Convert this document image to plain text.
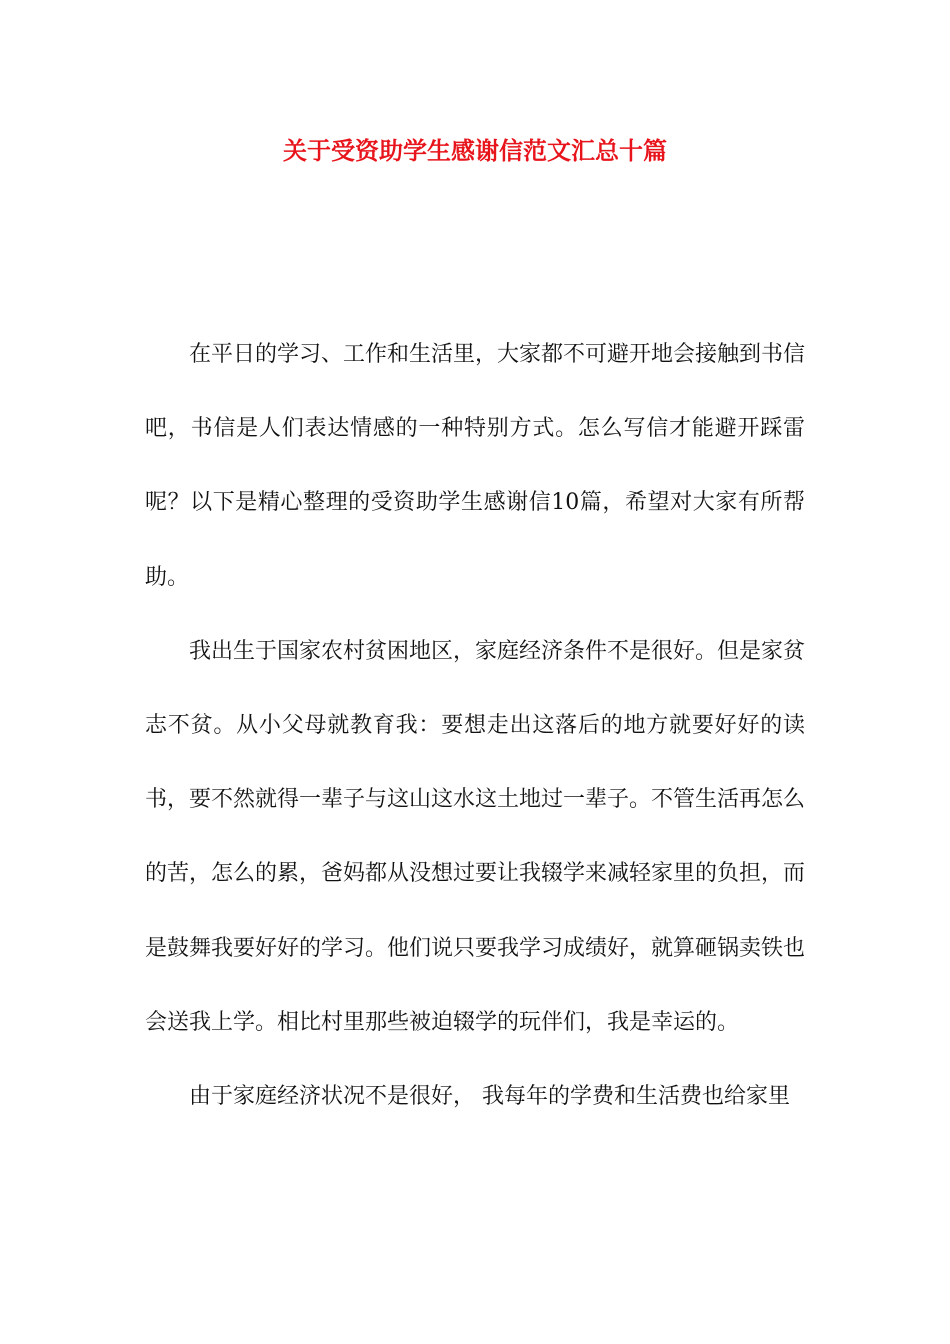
关于受资助学生感谢信范文汇总十篇

在平日的学习、工作和生活里，大家都不可避开地会接触到书信吧，书信是人们表达情感的一种特别方式。怎么写信才能避开踩雷呢？以下是精心整理的受资助学生感谢信10篇，希望对大家有所帮助。

我出生于国家农村贫困地区，家庭经济条件不是很好。但是家贫志不贫。从小父母就教育我：要想走出这落后的地方就要好好的读书，要不然就得一辈子与这山这水这土地过一辈子。不管生活再怎么的苦，怎么的累，爸妈都从没想过要让我辍学来减轻家里的负担，而是鼓舞我要好好的学习。他们说只要我学习成绩好，就算砸锅卖铁也会送我上学。相比村里那些被迫辍学的玩伴们，我是幸运的。

由于家庭经济状况不是很好， 我每年的学费和生活费也给家里
